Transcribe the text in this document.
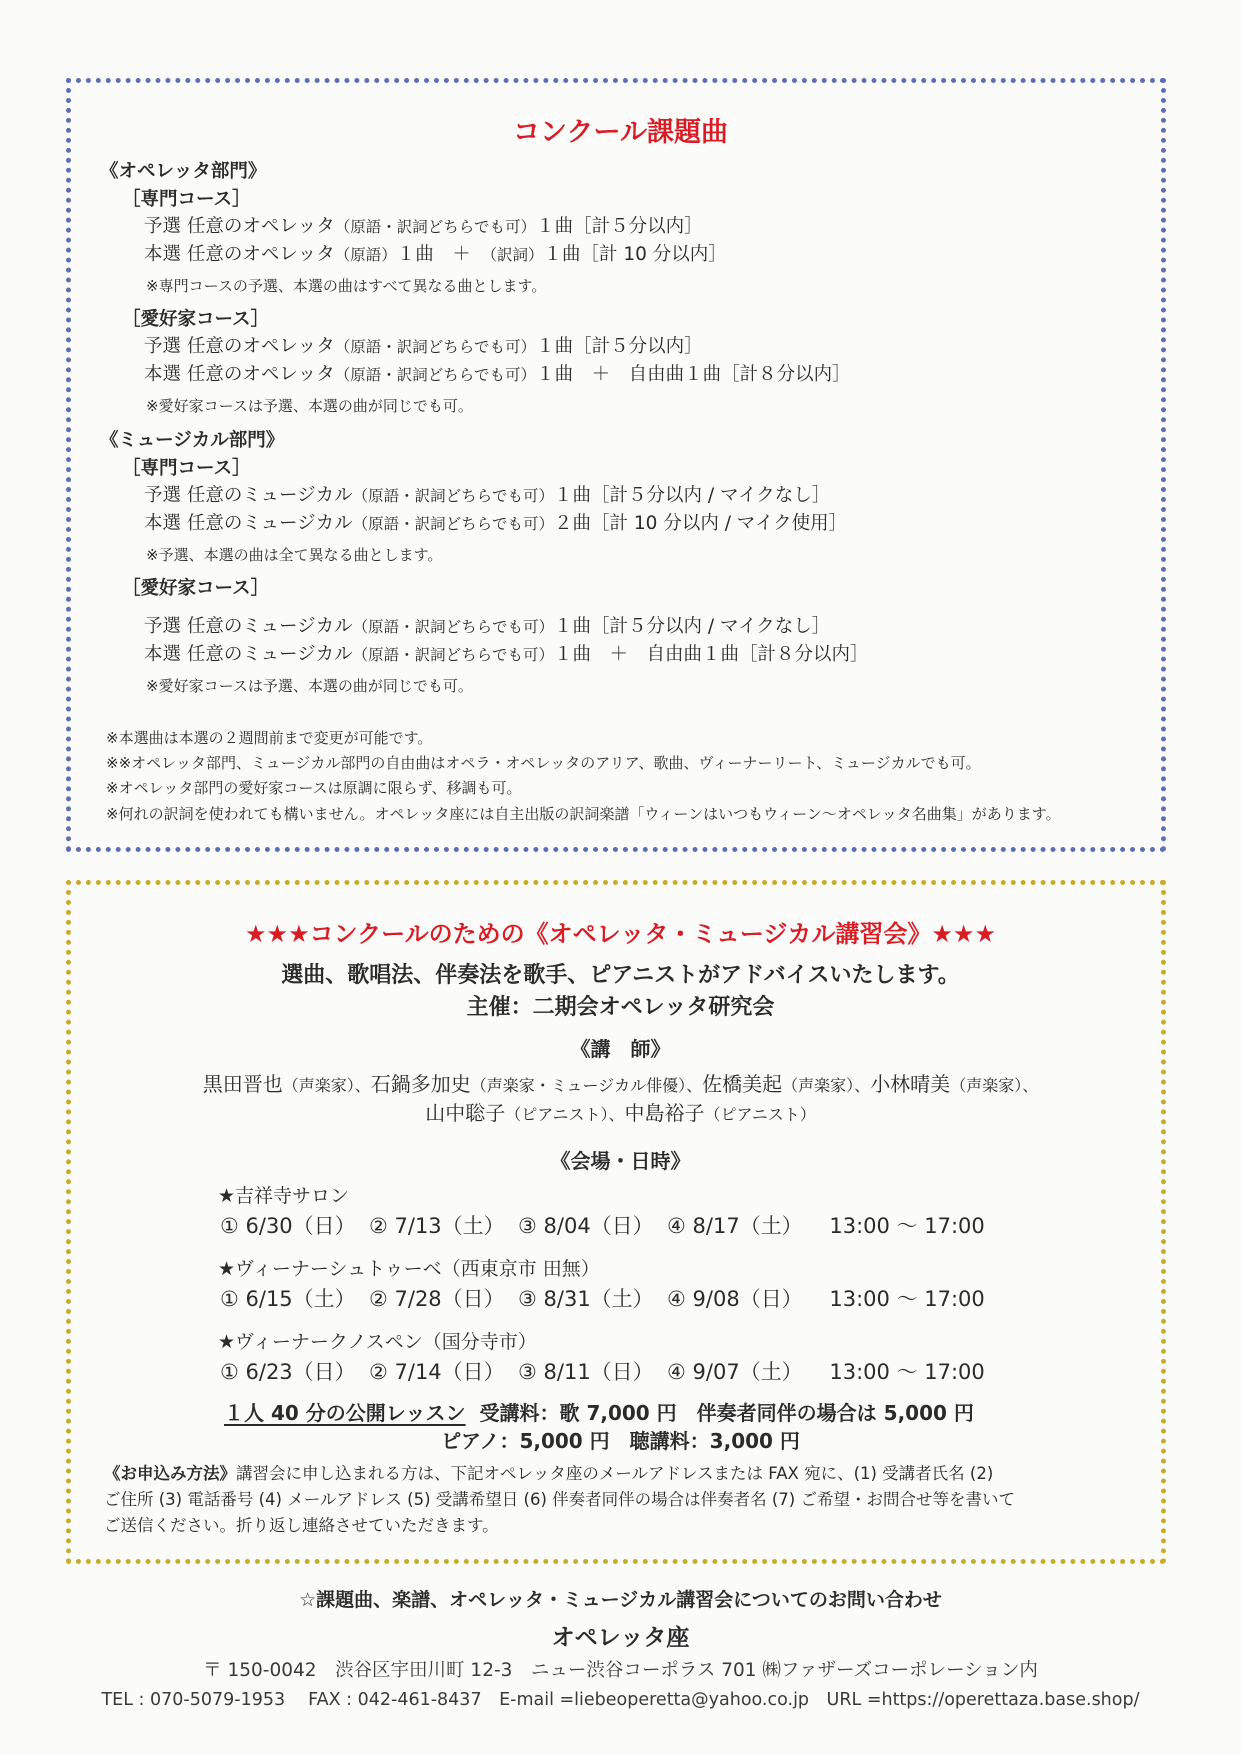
コンクール課題曲
《オペレッタ部門》
［専門コース］
予選 任意のオペレッタ（原語・訳詞どちらでも可）１曲［計５分以内］
本選 任意のオペレッタ（原語）１曲　＋　（訳詞）１曲［計 10 分以内］
※専門コースの予選、本選の曲はすべて異なる曲とします。
［愛好家コース］
予選 任意のオペレッタ（原語・訳詞どちらでも可）１曲［計５分以内］
本選 任意のオペレッタ（原語・訳詞どちらでも可）１曲　＋　自由曲１曲［計８分以内］
※愛好家コースは予選、本選の曲が同じでも可。
《ミュージカル部門》
［専門コース］
予選 任意のミュージカル（原語・訳詞どちらでも可）１曲［計５分以内 / マイクなし］
本選 任意のミュージカル（原語・訳詞どちらでも可）２曲［計 10 分以内 / マイク使用］
※予選、本選の曲は全て異なる曲とします。
［愛好家コース］
予選 任意のミュージカル（原語・訳詞どちらでも可）１曲［計５分以内 / マイクなし］
本選 任意のミュージカル（原語・訳詞どちらでも可）１曲　＋　自由曲１曲［計８分以内］
※愛好家コースは予選、本選の曲が同じでも可。
※本選曲は本選の２週間前まで変更が可能です。
※※オペレッタ部門、ミュージカル部門の自由曲はオペラ・オペレッタのアリア、歌曲、ヴィーナーリート、ミュージカルでも可。
※オペレッタ部門の愛好家コースは原調に限らず、移調も可。
※何れの訳詞を使われても構いません。オペレッタ座には自主出版の訳詞楽譜「ウィーンはいつもウィーン〜オペレッタ名曲集」があります。
★★★コンクールのための《オペレッタ・ミュージカル講習会》★★★
選曲、歌唱法、伴奏法を歌手、ピアニストがアドバイスいたします。
主催：二期会オペレッタ研究会
《講　師》
黒田晋也（声楽家）、石鍋多加史（声楽家・ミュージカル俳優）、佐橋美起（声楽家）、小林晴美（声楽家）、
山中聡子（ピアニスト）、中島裕子（ピアニスト）
《会場・日時》
★吉祥寺サロン
① 6/30（日）  ② 7/13（土）  ③ 8/04（日）  ④ 8/17（土）    13:00 〜 17:00
★ヴィーナーシュトゥーベ（西東京市 田無）
① 6/15（土）  ② 7/28（日）  ③ 8/31（土）  ④ 9/08（日）    13:00 〜 17:00
★ヴィーナークノスペン（国分寺市）
① 6/23（日）  ② 7/14（日）  ③ 8/11（日）  ④ 9/07（土）    13:00 〜 17:00
１人 40 分の公開レッスン 受講料：歌 7,000 円　伴奏者同伴の場合は 5,000 円
ピアノ：5,000 円　聴講料：3,000 円
《お申込み方法》講習会に申し込まれる方は、下記オペレッタ座のメールアドレスまたは FAX 宛に、(1) 受講者氏名 (2)
ご住所 (3) 電話番号 (4) メールアドレス (5) 受講希望日 (6) 伴奏者同伴の場合は伴奏者名 (7) ご希望・お問合せ等を書いて
ご送信ください。折り返し連絡させていただきます。
☆課題曲、楽譜、オペレッタ・ミュージカル講習会についてのお問い合わせ
オペレッタ座
〒 150-0042　渋谷区宇田川町 12-3　ニュー渋谷コーポラス 701 ㈱ファザーズコーポレーション内
TEL : 070-5079-1953　 FAX : 042-461-8437　E-mail =liebeoperetta@yahoo.co.jp　URL =https://operettaza.base.shop/
